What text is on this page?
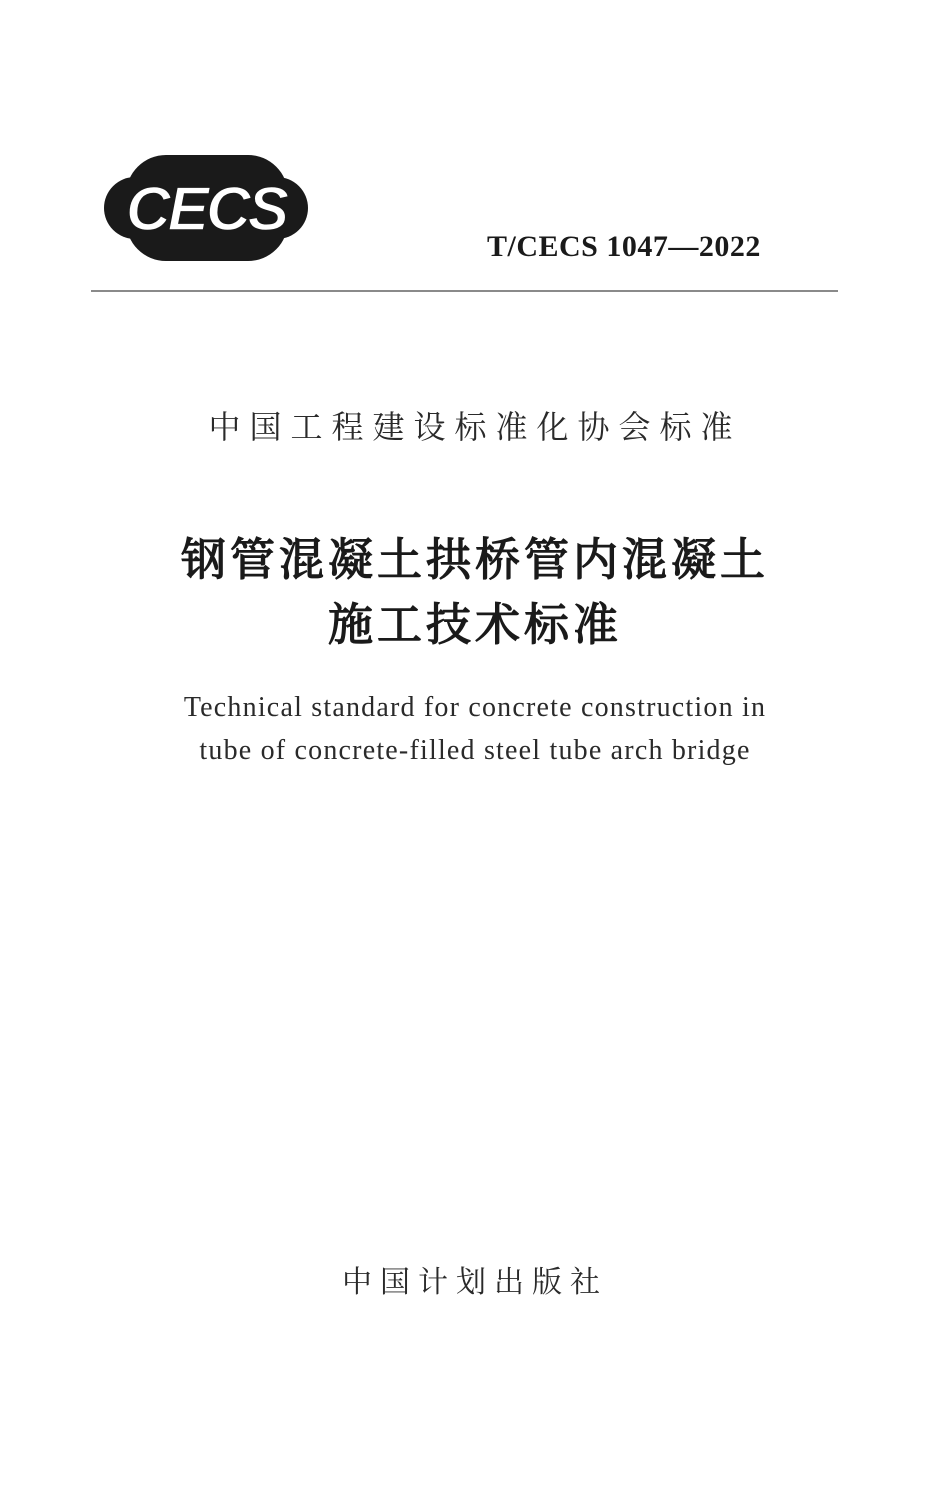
CECS
T/CECS 1047—2022
中国工程建设标准化协会标准
钢管混凝土拱桥管内混凝土
施工技术标准
Technical standard for concrete construction in
tube of concrete-filled steel tube arch bridge
中国计划出版社
